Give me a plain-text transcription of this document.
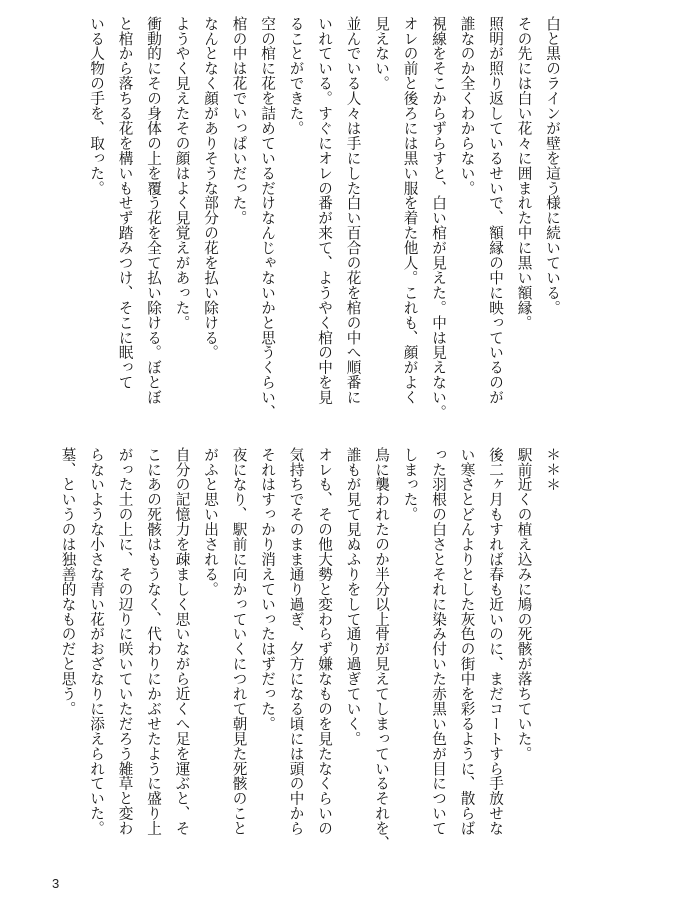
白と黒のラインが壁を這う様に続いている。

その先には白い花々に囲まれた中に黒い額縁。

照明が照り返しているせいで、額縁の中に映っているのが

誰なのか全くわからない。

視線をそこからずらすと、白い棺が見えた。中は見えない。

オレの前と後ろには黒い服を着た他人。これも、顔がよく

見えない。

並んでいる人々は手にした白い百合の花を棺の中へ順番に

いれている。すぐにオレの番が来て、ようやく棺の中を見

ることができた。

空の棺に花を詰めているだけなんじゃないかと思うくらい、

棺の中は花でいっぱいだった。

なんとなく顔がありそうな部分の花を払い除ける。

ようやく見えたその顔はよく見覚えがあった。

衝動的にその身体の上を覆う花を全て払い除ける。ぼとぼ

と棺から落ちる花を構いもせず踏みつけ、そこに眠って

いる人物の手を、取った。

＊＊＊

駅前近くの植え込みに鳩の死骸が落ちていた。

後二ヶ月もすれば春も近いのに、まだコートすら手放せな

い寒さとどんよりとした灰色の街中を彩るように、散らば

った羽根の白さとそれに染み付いた赤黒い色が目について

しまった。

鳥に襲われたのか半分以上骨が見えてしまっているそれを、

誰もが見て見ぬふりをして通り過ぎていく。

オレも、その他大勢と変わらず嫌なものを見たなくらいの

気持ちでそのまま通り過ぎ、夕方になる頃には頭の中から

それはすっかり消えていったはずだった。

夜になり、駅前に向かっていくにつれて朝見た死骸のこと

がふと思い出される。

自分の記憶力を疎ましく思いながら近くへ足を運ぶと、そ

こにあの死骸はもうなく、代わりにかぶせたように盛り上

がった土の上に、その辺りに咲いていただろう雑草と変わ

らないような小さな青い花がおざなりに添えられていた。

墓、というのは独善的なものだと思う。

3
